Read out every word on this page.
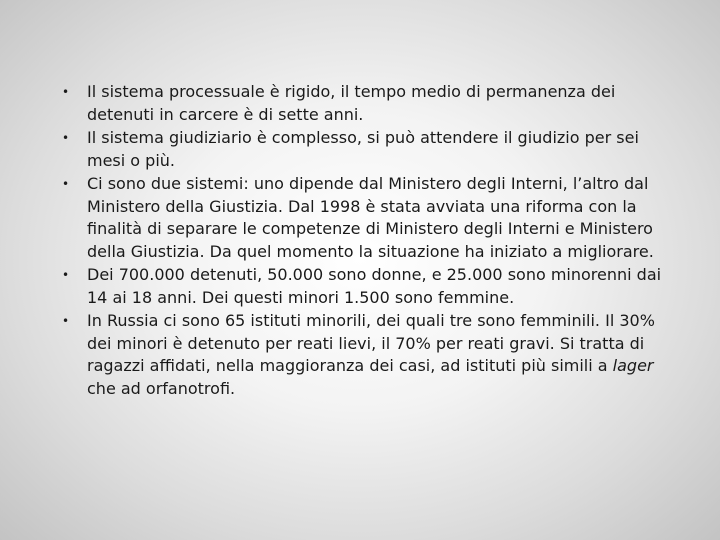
• Il sistema processuale è rigido, il tempo medio di permanenza dei detenuti in carcere è di sette anni.
• Il sistema giudiziario è complesso, si può attendere il giudizio per sei mesi o più.
• Ci sono due sistemi: uno dipende dal Ministero degli Interni, l’altro dal Ministero della Giustizia. Dal 1998 è stata avviata una riforma con la finalità di separare le competenze di Ministero degli Interni e Ministero della Giustizia. Da quel momento la situazione ha iniziato a migliorare.
• Dei 700.000 detenuti, 50.000 sono donne, e 25.000 sono minorenni dai 14 ai 18 anni. Dei questi minori 1.500 sono femmine.
• In Russia ci sono 65 istituti minorili, dei quali tre sono femminili. Il 30% dei minori è detenuto per reati lievi, il 70% per reati gravi. Si tratta di ragazzi affidati, nella maggioranza dei casi, ad istituti più simili a lager che ad orfanotrofi.
